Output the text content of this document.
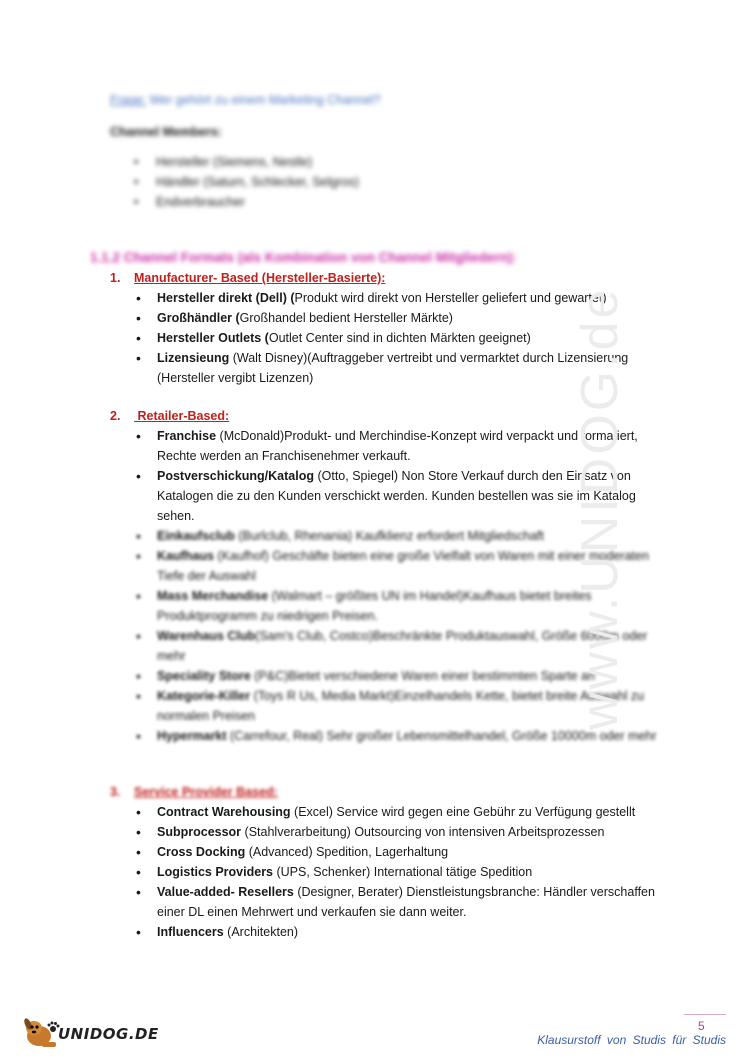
Frage: Wer gehört zu einem Marketing Channel?
Channel Members:
• Hersteller (Siemens, Nestle)
• Händler (Saturn, Schlecker, Selgros)
• Endverbraucher
1.1.2 Channel Formats (als Kombination von Channel Mitgliedern):
1. Manufacturer- Based (Hersteller-Basierte):
• Hersteller direkt (Dell) (Produkt wird direkt von Hersteller geliefert und gewartet)
• Großhändler (Großhandel bedient Hersteller Märkte)
• Hersteller Outlets (Outlet Center sind in dichten Märkten geeignet)
• Lizensieung (Walt Disney)(Auftraggeber vertreibt und vermarktet durch Lizensierung (Hersteller vergibt Lizenzen)
2. Retailer-Based:
• Franchise (McDonald)Produkt- und Merchindise-Konzept wird verpackt und formatiert, Rechte werden an Franchisenehmer verkauft.
• Postverschickung/Katalog (Otto, Spiegel) Non Store Verkauf durch den Einsatz von Katalogen die zu den Kunden verschickt werden. Kunden bestellen was sie im Katalog sehen.
• Einkaufsclub (Burlclub, Rhenania) Kaufklienz erfordert Mitgliedschaft
• Kaufhaus (Kaufhof) Geschäfte bieten eine große Vielfalt von Waren mit einer moderaten Tiefe der Auswahl
• Mass Merchandise (Walmart – größtes UN im Handel)Kaufhaus bietet breites Produktprogramm zu niedrigen Preisen.
• Warenhaus Club(Sam's Club, Costco)Beschränkte Produktauswahl, Größe 6000m oder mehr
• Speciality Store (P&C)Bietet verschiedene Waren einer bestimmten Sparte an
• Kategorie-Killer (Toys R Us, Media Markt)Einzelhandels Kette, bietet breite Auswahl zu normalen Preisen
• Hypermarkt (Carrefour, Real) Sehr großer Lebensmittelhandel, Größe 10000m oder mehr
3. Service Provider Based:
• Contract Warehousing (Excel) Service wird gegen eine Gebühr zu Verfügung gestellt
• Subprocessor (Stahlverarbeitung) Outsourcing von intensiven Arbeitsprozessen
• Cross Docking (Advanced) Spedition, Lagerhaltung
• Logistics Providers (UPS, Schenker) International tätige Spedition
• Value-added- Resellers (Designer, Berater) Dienstleistungsbranche: Händler verschaffen einer DL einen Mehrwert und verkaufen sie dann weiter.
• Influencers (Architekten)
www.UNIDOG.de
UNIDOG.DE	5
Klausurstoff von Studis für Studis
